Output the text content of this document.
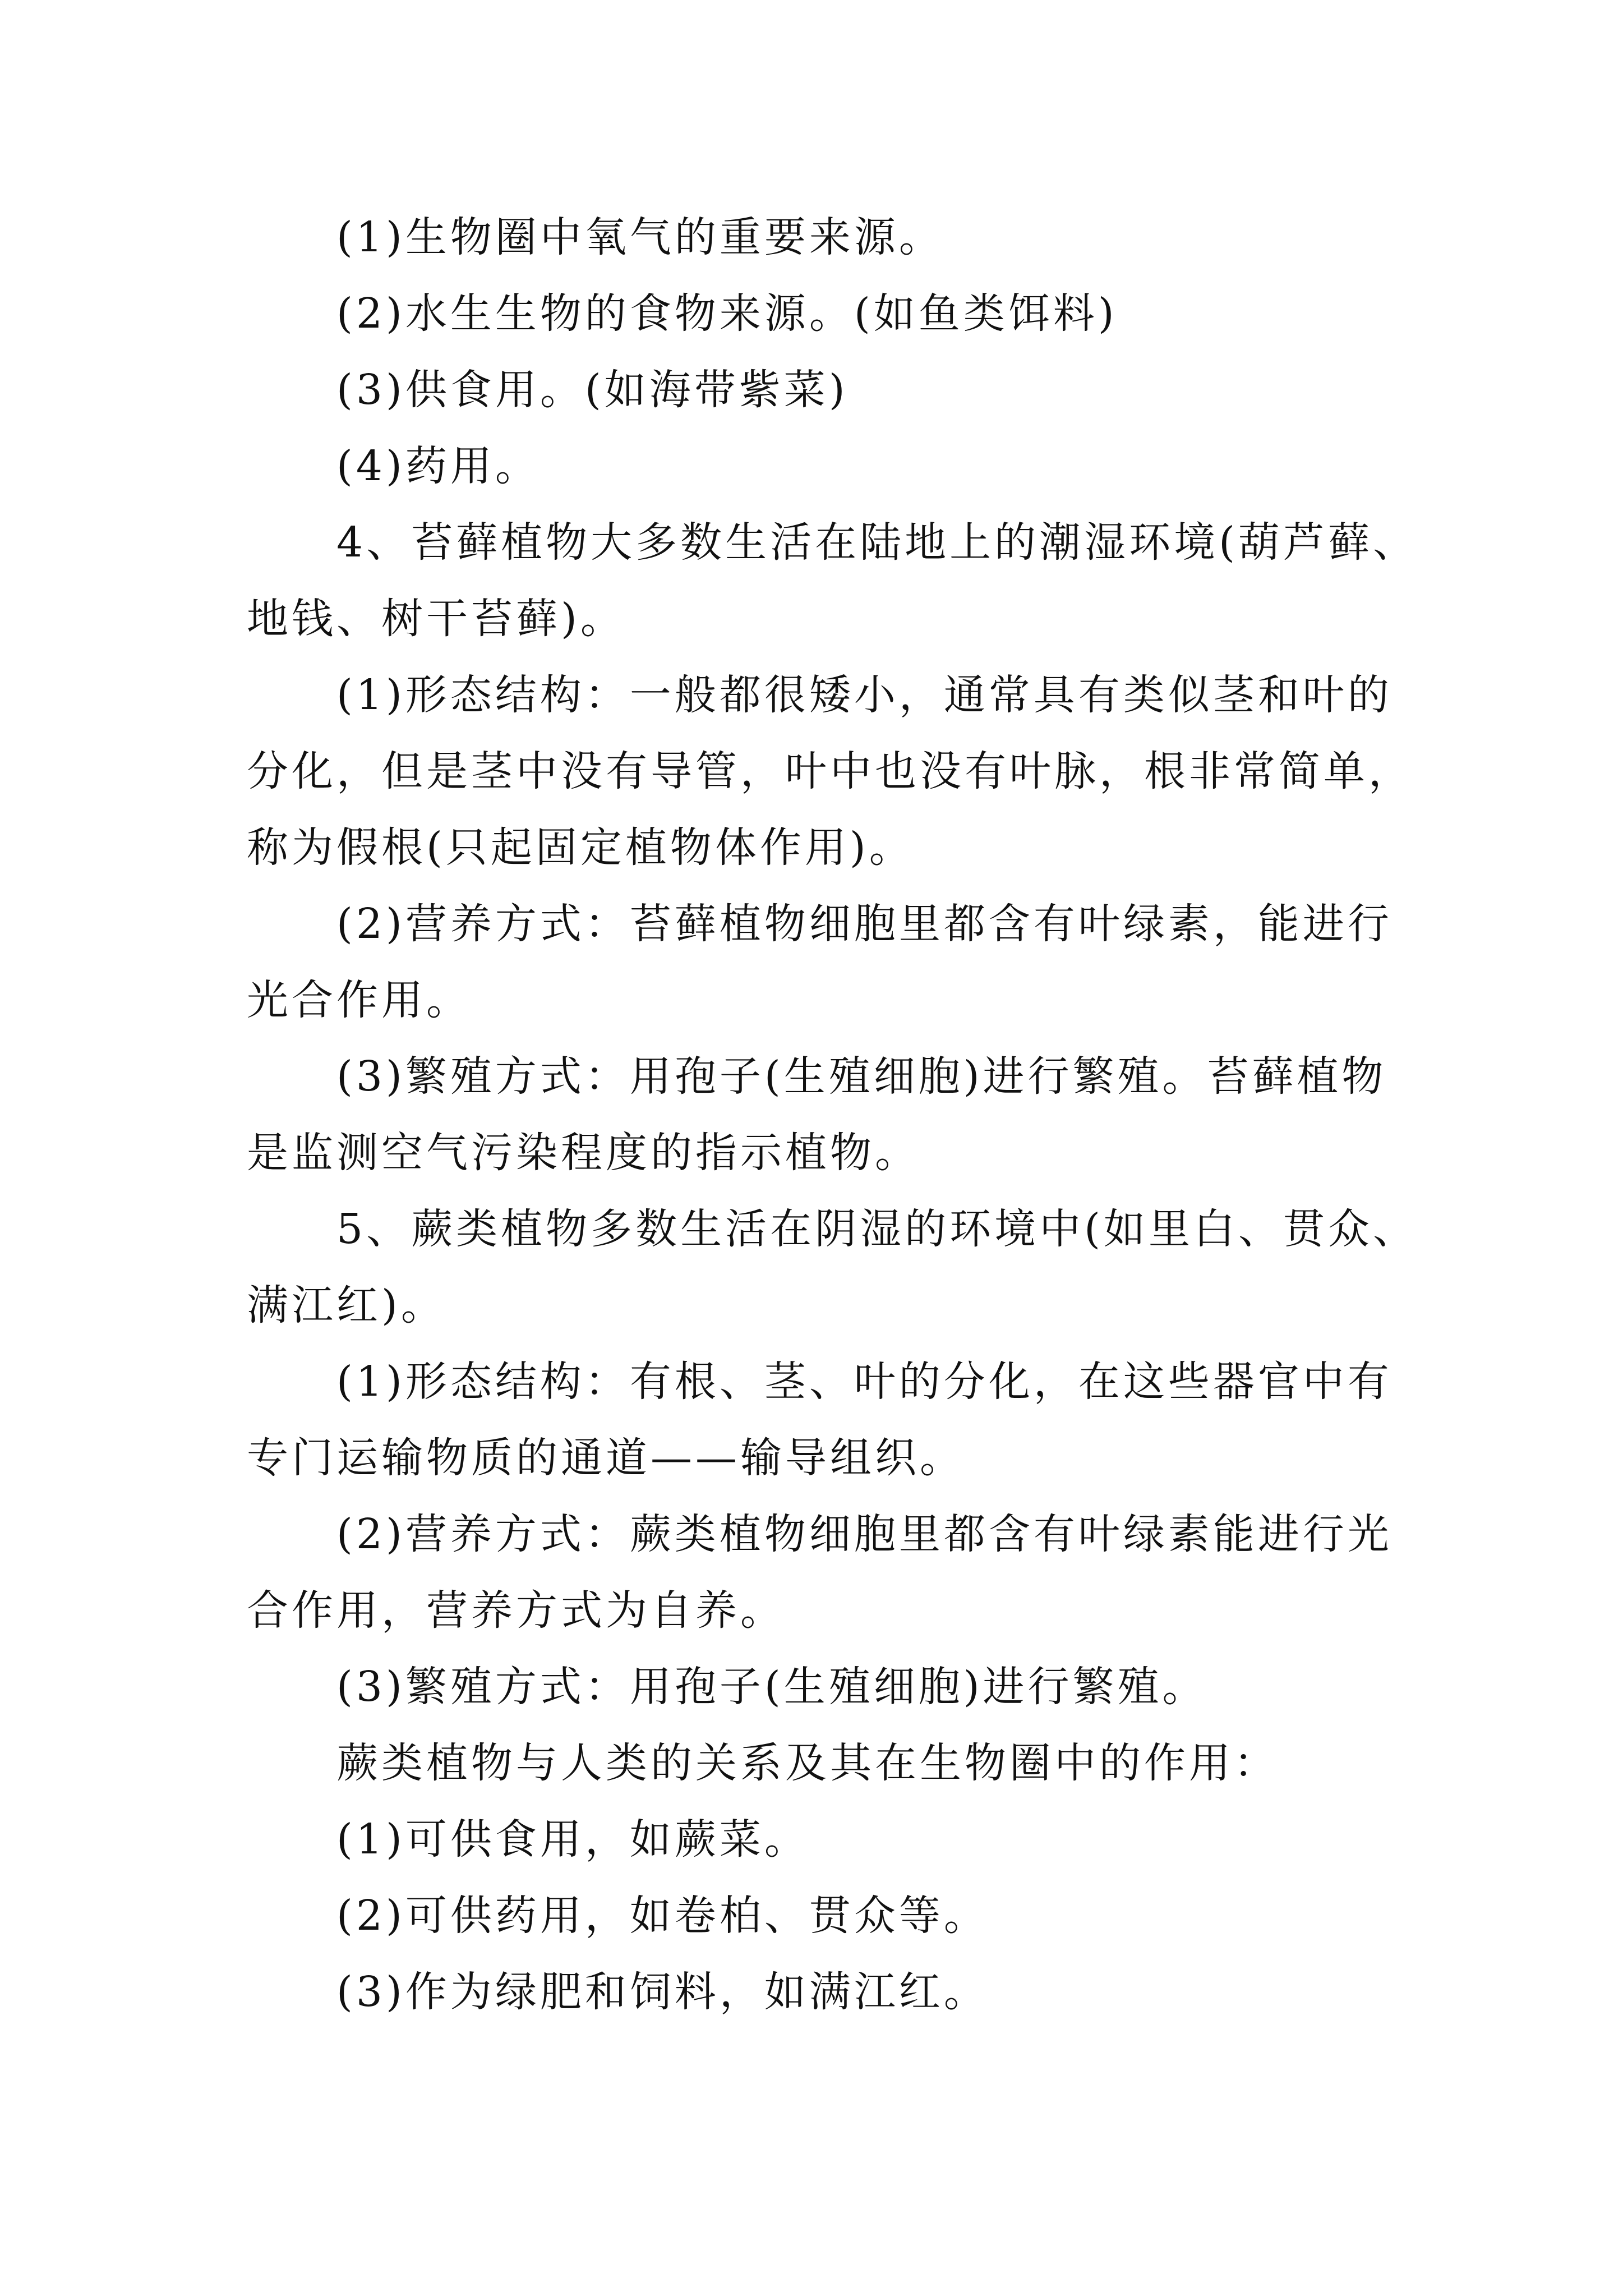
(1)生物圈中氧气的重要来源。
(2)水生生物的食物来源。(如鱼类饵料)
(3)供食用。(如海带紫菜)
(4)药用。
4、苔藓植物大多数生活在陆地上的潮湿环境(葫芦藓、
地钱、树干苔藓)。
(1)形态结构：一般都很矮小，通常具有类似茎和叶的
分化，但是茎中没有导管，叶中也没有叶脉，根非常简单，
称为假根(只起固定植物体作用)。
(2)营养方式：苔藓植物细胞里都含有叶绿素，能进行
光合作用。
(3)繁殖方式：用孢子(生殖细胞)进行繁殖。苔藓植物
是监测空气污染程度的指示植物。
5、蕨类植物多数生活在阴湿的环境中(如里白、贯众、
满江红)。
(1)形态结构：有根、茎、叶的分化，在这些器官中有
专门运输物质的通道——输导组织。
(2)营养方式：蕨类植物细胞里都含有叶绿素能进行光
合作用，营养方式为自养。
(3)繁殖方式：用孢子(生殖细胞)进行繁殖。
蕨类植物与人类的关系及其在生物圈中的作用：
(1)可供食用，如蕨菜。
(2)可供药用，如卷柏、贯众等。
(3)作为绿肥和饲料，如满江红。
